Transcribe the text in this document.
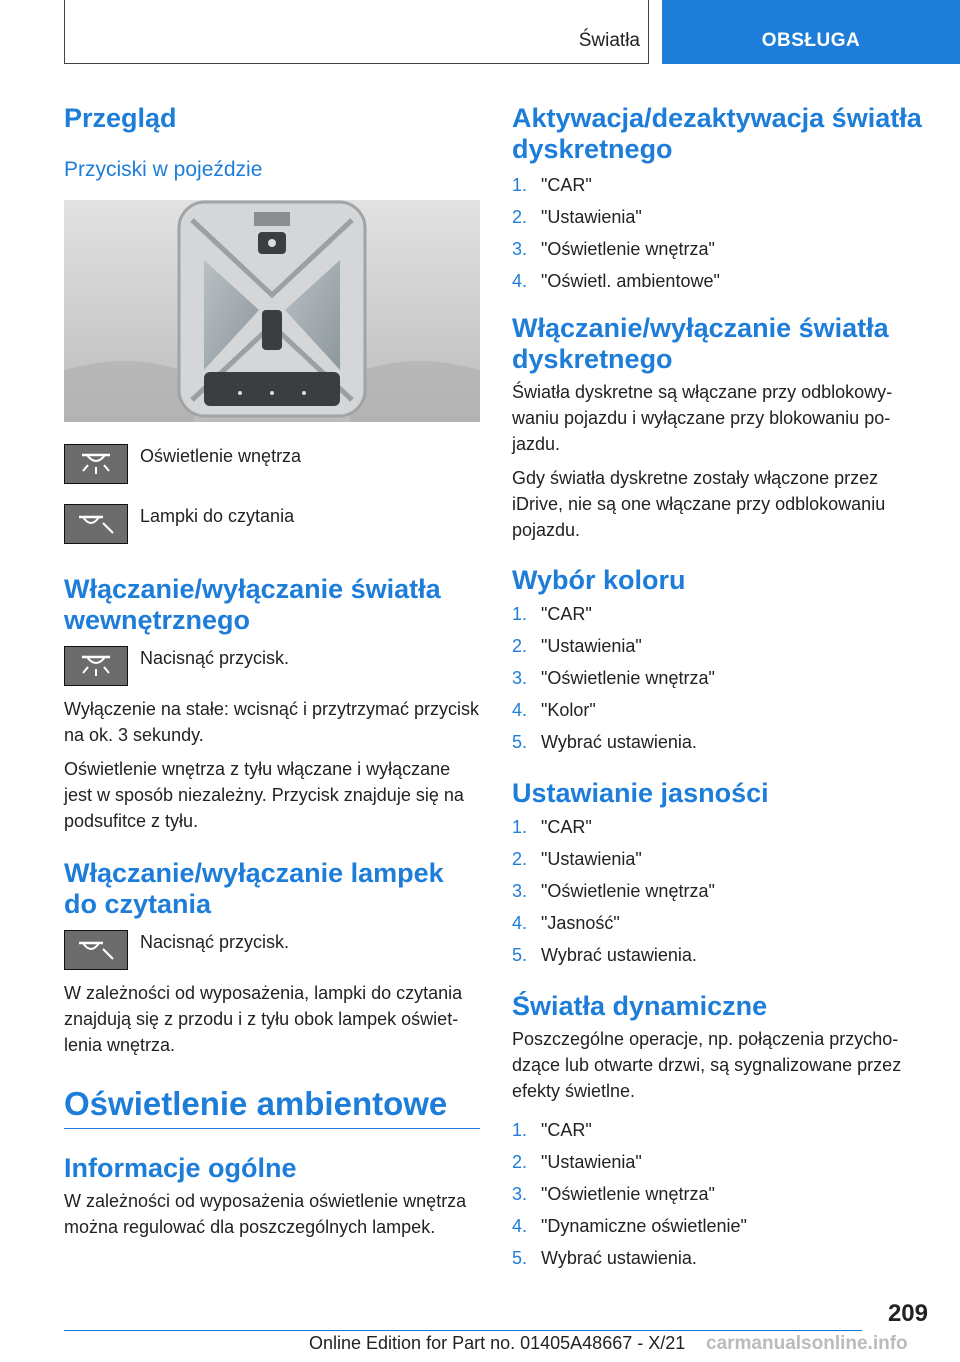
Światła	OBSŁUGA
Przegląd
Przyciski w pojeździe

Oświetlenie wnętrza

Lampki do czytania

Włączanie/wyłączanie światła wewnętrznego

Nacisnąć przycisk.

Wyłączenie na stałe: wcisnąć i przytrzymać przycisk na ok. 3 sekundy.

Oświetlenie wnętrza z tyłu włączane i wyłączane jest w sposób niezależny. Przycisk znajduje się na podsufitce z tyłu.

Włączanie/wyłączanie lampek do czytania

Nacisnąć przycisk.

W zależności od wyposażenia, lampki do czytania znajdują się z przodu i z tyłu obok lampek oświetlenia wnętrza.

Oświetlenie ambientowe
Informacje ogólne

W zależności od wyposażenia oświetlenie wnętrza można regulować dla poszczególnych lampek.

Aktywacja/dezaktywacja światła dyskretnego
1. "CAR"
2. "Ustawienia"
3. "Oświetlenie wnętrza"
4. "Oświetl. ambientowe"
Włączanie/wyłączanie światła dyskretnego

Światła dyskretne są włączane przy odblokowywaniu pojazdu i wyłączane przy blokowaniu pojazdu.

Gdy światła dyskretne zostały włączone przez iDrive, nie są one włączane przy odblokowaniu pojazdu.

Wybór koloru
1. "CAR"
2. "Ustawienia"
3. "Oświetlenie wnętrza"
4. "Kolor"
5. Wybrać ustawienia.
Ustawianie jasności
1. "CAR"
2. "Ustawienia"
3. "Oświetlenie wnętrza"
4. "Jasność"
5. Wybrać ustawienia.
Światła dynamiczne

Poszczególne operacje, np. połączenia przychodzące lub otwarte drzwi, są sygnalizowane przez efekty świetlne.

1. "CAR"
2. "Ustawienia"
3. "Oświetlenie wnętrza"
4. "Dynamiczne oświetlenie"
5. Wybrać ustawienia.
209
Online Edition for Part no. 01405A48667 - X/21 carmanualsonline.info
